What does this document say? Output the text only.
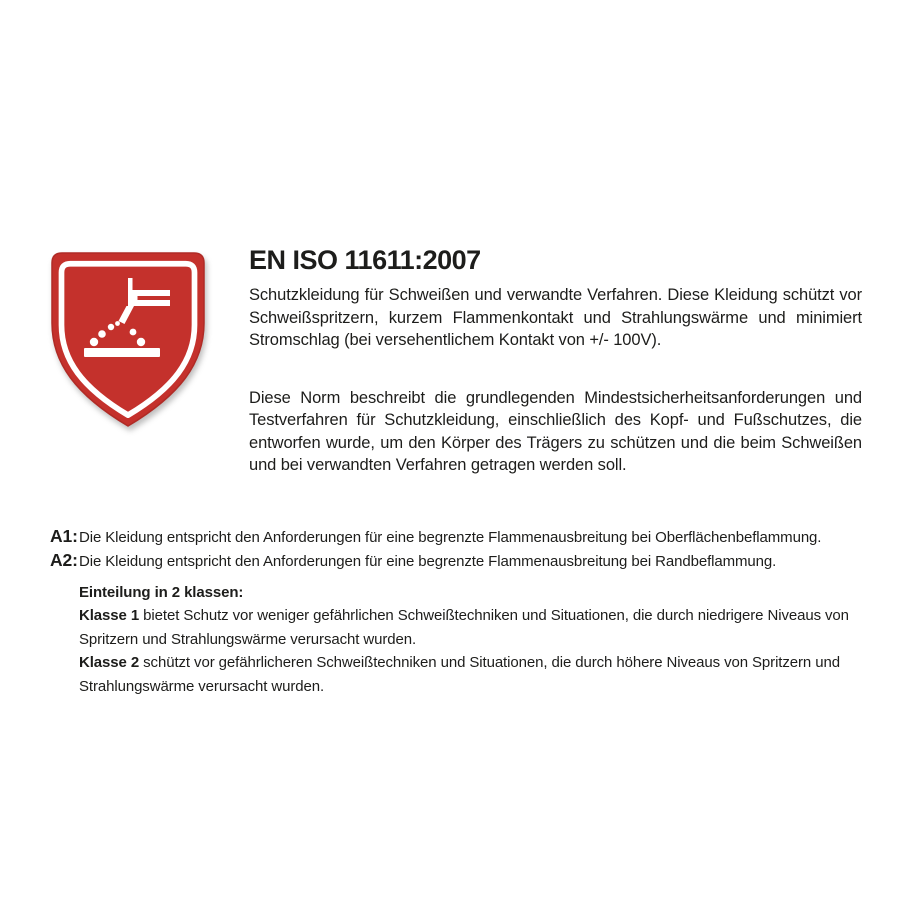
EN ISO 11611:2007

Schutzkleidung für Schweißen und verwandte Verfahren. Diese Kleidung schützt vor Schweißspritzern, kurzem Flammenkontakt und Strahlungswärme und minimiert Stromschlag (bei versehentlichem Kontakt von +/- 100V).

Diese Norm beschreibt die grundlegenden Mindestsicherheitsanforderungen und Testverfahren für Schutzkleidung, einschließlich des Kopf- und Fußschutzes, die entworfen wurde, um den Körper des Trägers zu schützen und die beim Schweißen und bei verwandten Verfahren getragen werden soll.

A1:Die Kleidung entspricht den Anforderungen für eine begrenzte Flammenausbreitung bei Oberflächenbeflammung.
A2:Die Kleidung entspricht den Anforderungen für eine begrenzte Flammenausbreitung bei Randbeflammung.
Einteilung in 2 klassen:

Klasse 1 bietet Schutz vor weniger gefährlichen Schweißtechniken und Situationen, die durch niedrigere Niveaus von Spritzern und Strahlungswärme verursacht wurden.

Klasse 2 schützt vor gefährlicheren Schweißtechniken und Situationen, die durch höhere Niveaus von Spritzern und Strahlungswärme verursacht wurden.
